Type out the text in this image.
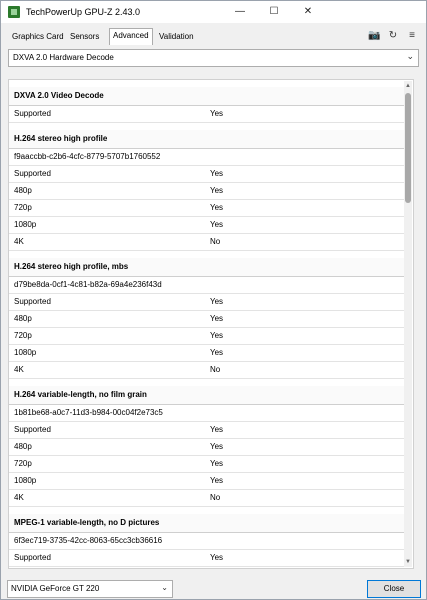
TechPowerUp GPU-Z 2.43.0	—	☐	✕
Graphics Card Sensors	Advanced	Validation	📷 ↻	≡
DXVA 2.0 Hardware Decode	⌄
DXVA 2.0 Video Decode
Supported	Yes
H.264 stereo high profile
f9aaccbb-c2b6-4cfc-8779-5707b1760552
Supported	Yes
480p	Yes
720p	Yes
1080p	Yes
4K	No
H.264 stereo high profile, mbs
d79be8da-0cf1-4c81-b82a-69a4e236f43d
Supported	Yes
480p	Yes
720p	Yes
1080p	Yes
4K	No
H.264 variable-length, no film grain
1b81be68-a0c7-11d3-b984-00c04f2e73c5
Supported	Yes
480p	Yes
720p	Yes
1080p	Yes
4K	No
MPEG-1 variable-length, no D pictures
6f3ec719-3735-42cc-8063-65cc3cb36616
Supported	Yes
▲
▼
NVIDIA GeForce GT 220	⌄	Close
